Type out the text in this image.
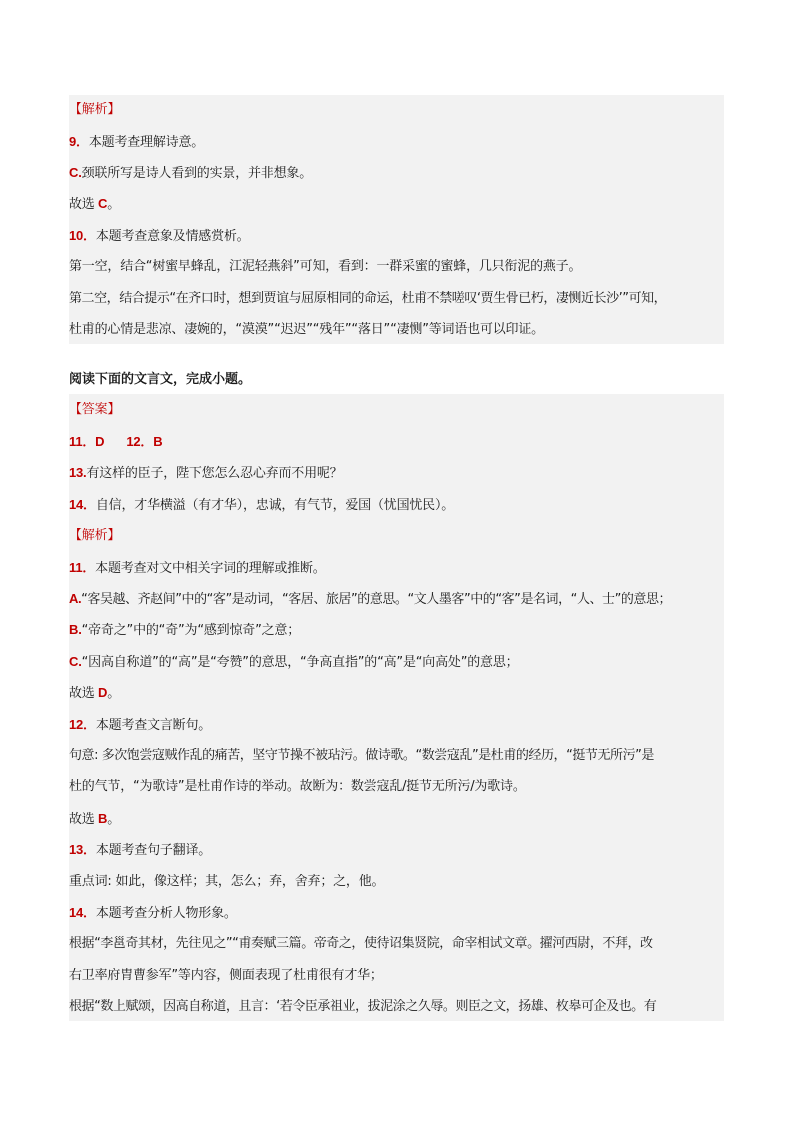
【解析】
9．本题考查理解诗意。
C.颈联所写是诗人看到的实景，并非想象。
故选 C。
10．本题考查意象及情感赏析。
第一空，结合“树蜜早蜂乱，江泥轻燕斜”可知，看到：一群采蜜的蜜蜂，几只衔泥的燕子。
第二空，结合提示“在齐口时，想到贾谊与屈原相同的命运，杜甫不禁嗟叹‘贾生骨已朽，凄恻近长沙’”可知，
杜甫的心情是悲凉、凄婉的，“漠漠”“迟迟”“残年”“落日”“凄恻”等词语也可以印证。
阅读下面的文言文，完成小题。
【答案】
11．D 12．B
13.有这样的臣子，陛下您怎么忍心弃而不用呢？
14．自信，才华横溢（有才华），忠诚，有气节，爱国（忧国忧民）。
【解析】
11．本题考查对文中相关字词的理解或推断。
A.“客吴越、齐赵间”中的“客”是动词，“客居、旅居”的意思。“文人墨客”中的“客”是名词，“人、士”的意思；
B.“帝奇之”中的“奇”为“感到惊奇”之意；
C.“因高自称道”的“高”是“夸赞”的意思，“争高直指”的“高”是“向高处”的意思；
故选 D。
12．本题考查文言断句。
句意: 多次饱尝寇贼作乱的痛苦，坚守节操不被玷污。做诗歌。“数尝寇乱”是杜甫的经历，“挺节无所污”是
杜的气节，“为歌诗”是杜甫作诗的举动。故断为：数尝寇乱/挺节无所污/为歌诗。
故选 B。
13．本题考查句子翻译。
重点词: 如此，像这样；其，怎么；弃，舍弃；之，他。
14．本题考查分析人物形象。
根据“李邕奇其材，先往见之”“甫奏赋三篇。帝奇之，使待诏集贤院，命宰相试文章。擢河西尉，不拜，改
右卫率府胄曹参军”等内容，侧面表现了杜甫很有才华；
根据“数上赋颂，因高自称道，且言：‘若令臣承祖业，拔泥涂之久辱。则臣之文，扬雄、枚皋可企及也。有
